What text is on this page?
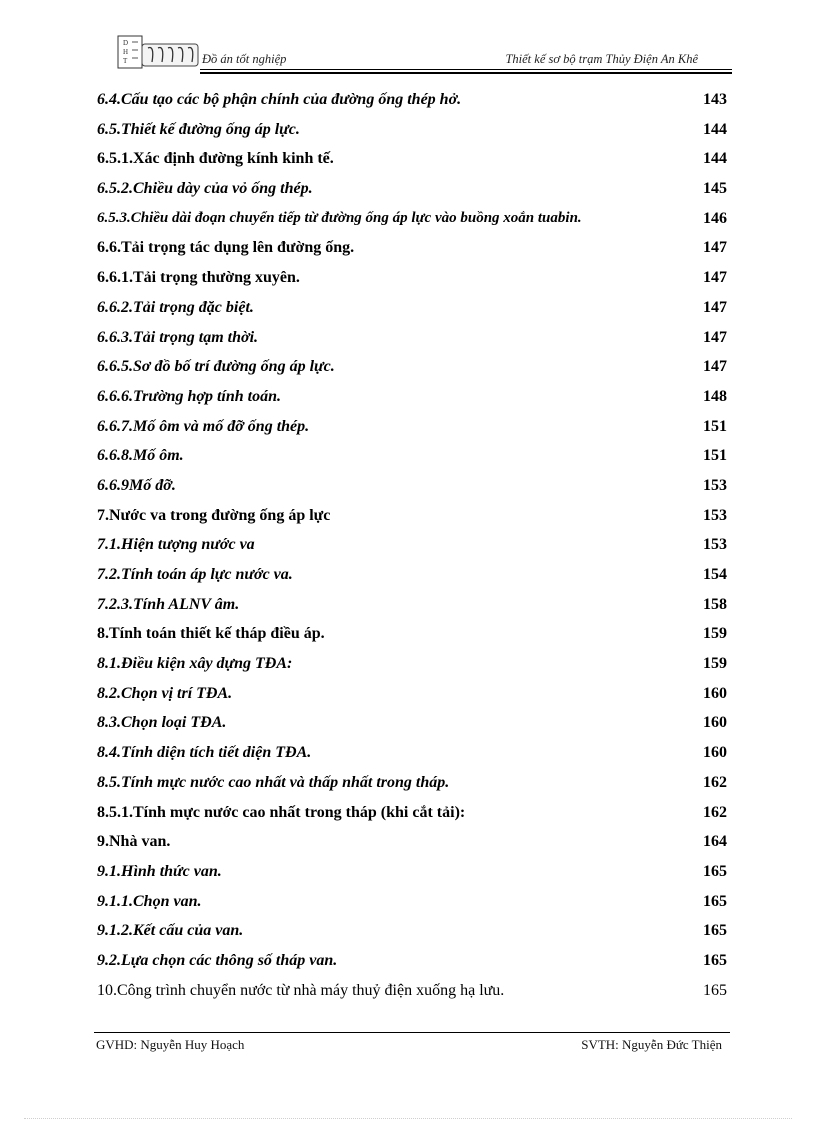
D
H
T	Đồ án tốt nghiệp	Thiết kế sơ bộ trạm Thủy Điện An Khê
6.4.Cấu tạo các bộ phận chính của đường ống thép hở.	143
6.5.Thiết kế đường ống áp lực.	144
6.5.1.Xác định đường kính kinh tế.	144
6.5.2.Chiều dày của vỏ ống thép.	145
6.5.3.Chiều dài đoạn chuyển tiếp từ đường ống áp lực vào buồng xoắn tuabin.	146
6.6.Tải trọng tác dụng lên đường ống.	147
6.6.1.Tải trọng thường xuyên.	147
6.6.2.Tải trọng đặc biệt.	147
6.6.3.Tải trọng tạm thời.	147
6.6.5.Sơ đồ bố trí đường ống áp lực.	147
6.6.6.Trường hợp tính toán.	148
6.6.7.Mố ôm và mố đỡ ống thép.	151
6.6.8.Mố ôm.	151
6.6.9Mố đỡ.	153
7.Nước va trong đường ống áp lực	153
7.1.Hiện tượng nước va	153
7.2.Tính toán áp lực nước va.	154
7.2.3.Tính ALNV âm.	158
8.Tính toán thiết kế tháp điều áp.	159
8.1.Điều kiện xây dựng TĐA:	159
8.2.Chọn vị trí TĐA.	160
8.3.Chọn loại TĐA.	160
8.4.Tính diện tích tiết diện TĐA.	160
8.5.Tính mực nước cao nhất và thấp nhất trong tháp.	162
8.5.1.Tính mực nước cao nhất trong tháp (khi cắt tải):	162
9.Nhà van.	164
9.1.Hình thức van.	165
9.1.1.Chọn van.	165
9.1.2.Kết cấu của van.	165
9.2.Lựa chọn các thông số tháp van.	165
10.Công trình chuyển nước từ nhà máy thuỷ điện xuống hạ lưu.	165
GVHD: Nguyễn Huy Hoạch	SVTH: Nguyễn Đức Thiện
